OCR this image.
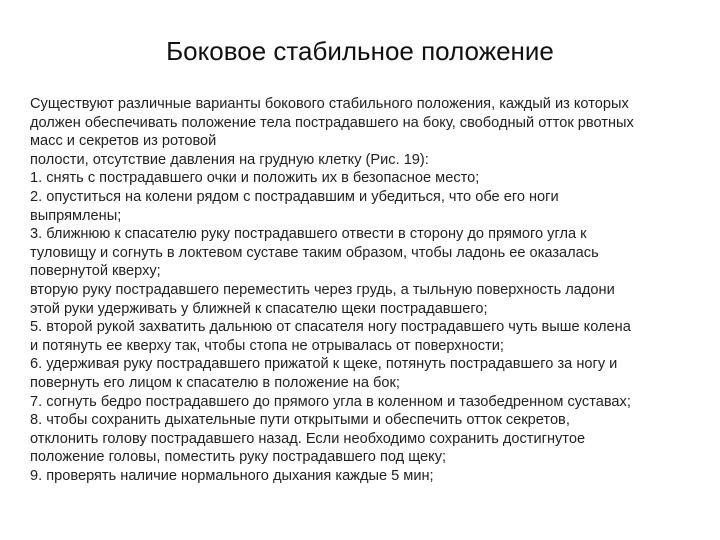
Боковое стабильное положение
Существуют различные варианты бокового стабильного положения, каждый из которых
должен обеспечивать положение тела пострадавшего на боку, свободный отток рвотных
масс и секретов из ротовой
полости, отсутствие давления на грудную клетку (Рис. 19):
1. снять с пострадавшего очки и положить их в безопасное место;
2. опуститься на колени рядом с пострадавшим и убедиться, что обе его ноги
выпрямлены;
3. ближнюю к спасателю руку пострадавшего отвести в сторону до прямого угла к
туловищу и согнуть в локтевом суставе таким образом, чтобы ладонь ее оказалась
повернутой кверху;
вторую руку пострадавшего переместить через грудь, а тыльную поверхность ладони
этой руки удерживать у ближней к спасателю щеки пострадавшего;
5. второй рукой захватить дальнюю от спасателя ногу пострадавшего чуть выше колена
и потянуть ее кверху так, чтобы стопа не отрывалась от поверхности;
6. удерживая руку пострадавшего прижатой к щеке, потянуть пострадавшего за ногу и
повернуть его лицом к спасателю в положение на бок;
7. согнуть бедро пострадавшего до прямого угла в коленном и тазобедренном суставах;
8. чтобы сохранить дыхательные пути открытыми и обеспечить отток секретов,
отклонить голову пострадавшего назад. Если необходимо сохранить достигнутое
положение головы, поместить руку пострадавшего под щеку;
9. проверять наличие нормального дыхания каждые 5 мин;
